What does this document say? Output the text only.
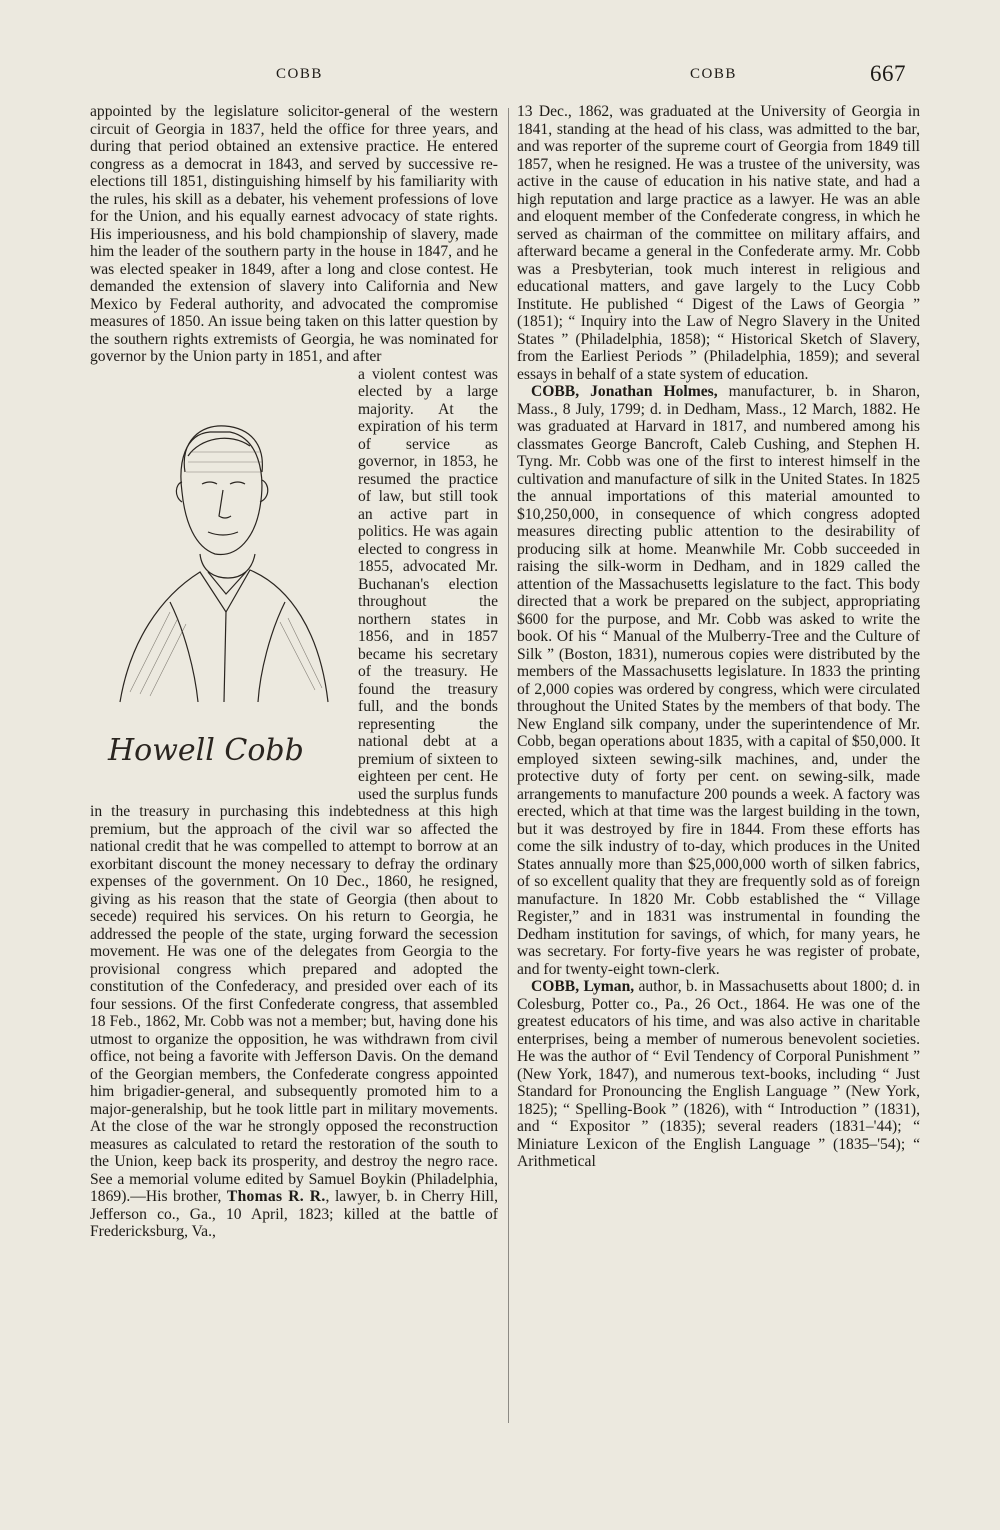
COBB	COBB	667

appointed by the legislature solicitor-general of the western circuit of Georgia in 1837, held the office for three years, and during that period obtained an extensive practice. He entered congress as a democrat in 1843, and served by successive re-elections till 1851, distinguishing himself by his familiarity with the rules, his skill as a debater, his vehement professions of love for the Union, and his equally earnest advocacy of state rights. His imperiousness, and his bold championship of slavery, made him the leader of the southern party in the house in 1847, and he was elected speaker in 1849, after a long and close contest. He demanded the extension of slavery into California and New Mexico by Federal authority, and advocated the compromise measures of 1850. An issue being taken on this latter question by the southern rights extremists of Georgia, he was nominated for governor by the Union party in 1851, and after

Howell Cobb

a violent contest was elected by a large majority. At the expiration of his term of service as governor, in 1853, he resumed the practice of law, but still took an active part in politics. He was again elected to congress in 1855, advocated Mr. Buchanan's election throughout the northern states in 1856, and in 1857 became his secretary of the treasury. He found the treasury full, and the bonds representing the national debt at a premium of sixteen to eighteen per cent. He used the surplus funds in the treasury in purchasing this indebtedness at this high premium, but the approach of the civil war so affected the national credit that he was compelled to attempt to borrow at an exorbitant discount the money necessary to defray the ordinary expenses of the government. On 10 Dec., 1860, he resigned, giving as his reason that the state of Georgia (then about to secede) required his services. On his return to Georgia, he addressed the people of the state, urging forward the secession movement. He was one of the delegates from Georgia to the provisional congress which prepared and adopted the constitution of the Confederacy, and presided over each of its four sessions. Of the first Confederate congress, that assembled 18 Feb., 1862, Mr. Cobb was not a member; but, having done his utmost to organize the opposition, he was withdrawn from civil office, not being a favorite with Jefferson Davis. On the demand of the Georgian members, the Confederate congress appointed him brigadier-general, and subsequently promoted him to a major-generalship, but he took little part in military movements. At the close of the war he strongly opposed the reconstruction measures as calculated to retard the restoration of the south to the Union, keep back its prosperity, and destroy the negro race. See a memorial volume edited by Samuel Boykin (Philadelphia, 1869).—His brother, Thomas R. R., lawyer, b. in Cherry Hill, Jefferson co., Ga., 10 April, 1823; killed at the battle of Fredericksburg, Va.,

13 Dec., 1862, was graduated at the University of Georgia in 1841, standing at the head of his class, was admitted to the bar, and was reporter of the supreme court of Georgia from 1849 till 1857, when he resigned. He was a trustee of the university, was active in the cause of education in his native state, and had a high reputation and large practice as a lawyer. He was an able and eloquent member of the Confederate congress, in which he served as chairman of the committee on military affairs, and afterward became a general in the Confederate army. Mr. Cobb was a Presbyterian, took much interest in religious and educational matters, and gave largely to the Lucy Cobb Institute. He published “ Digest of the Laws of Georgia ” (1851); “ Inquiry into the Law of Negro Slavery in the United States ” (Philadelphia, 1858); “ Historical Sketch of Slavery, from the Earliest Periods ” (Philadelphia, 1859); and several essays in behalf of a state system of education.

COBB, Jonathan Holmes, manufacturer, b. in Sharon, Mass., 8 July, 1799; d. in Dedham, Mass., 12 March, 1882. He was graduated at Harvard in 1817, and numbered among his classmates George Bancroft, Caleb Cushing, and Stephen H. Tyng. Mr. Cobb was one of the first to interest himself in the cultivation and manufacture of silk in the United States. In 1825 the annual importations of this material amounted to $10,250,000, in consequence of which congress adopted measures directing public attention to the desirability of producing silk at home. Meanwhile Mr. Cobb succeeded in raising the silk-worm in Dedham, and in 1829 called the attention of the Massachusetts legislature to the fact. This body directed that a work be prepared on the subject, appropriating $600 for the purpose, and Mr. Cobb was asked to write the book. Of his “ Manual of the Mulberry-Tree and the Culture of Silk ” (Boston, 1831), numerous copies were distributed by the members of the Massachusetts legislature. In 1833 the printing of 2,000 copies was ordered by congress, which were circulated throughout the United States by the members of that body. The New England silk company, under the superintendence of Mr. Cobb, began operations about 1835, with a capital of $50,000. It employed sixteen sewing-silk machines, and, under the protective duty of forty per cent. on sewing-silk, made arrangements to manufacture 200 pounds a week. A factory was erected, which at that time was the largest building in the town, but it was destroyed by fire in 1844. From these efforts has come the silk industry of to-day, which produces in the United States annually more than $25,000,000 worth of silken fabrics, of so excellent quality that they are frequently sold as of foreign manufacture. In 1820 Mr. Cobb established the “ Village Register,” and in 1831 was instrumental in founding the Dedham institution for savings, of which, for many years, he was secretary. For forty-five years he was register of probate, and for twenty-eight town-clerk.

COBB, Lyman, author, b. in Massachusetts about 1800; d. in Colesburg, Potter co., Pa., 26 Oct., 1864. He was one of the greatest educators of his time, and was also active in charitable enterprises, being a member of numerous benevolent societies. He was the author of “ Evil Tendency of Corporal Punishment ” (New York, 1847), and numerous text-books, including “ Just Standard for Pronouncing the English Language ” (New York, 1825); “ Spelling-Book ” (1826), with “ Introduction ” (1831), and “ Expositor ” (1835); several readers (1831–'44); “ Miniature Lexicon of the English Language ” (1835–'54); “ Arithmetical
